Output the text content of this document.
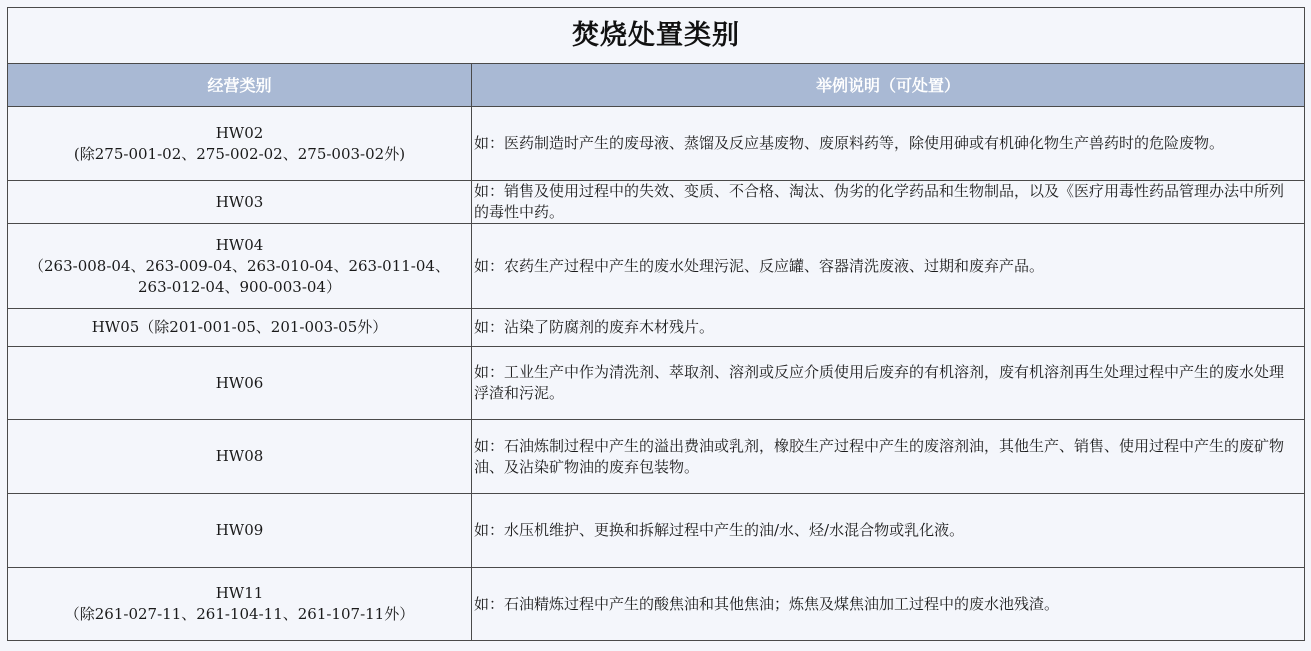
焚烧处置类别	
经营类别	举例说明（可处置）

HW02
(除275-001-02、275-002-02、275-003-02外)	如：医药制造时产生的废母液、蒸馏及反应基废物、废原料药等，除使用砷或有机砷化物生产兽药时的危险废物。

HW03	如：销售及使用过程中的失效、变质、不合格、淘汰、伪劣的化学药品和生物制品，以及《医疗用毒性药品管理办法中所列的毒性中药。

HW04
（263-008-04、263-009-04、263-010-04、263-011-04、
263-012-04、900-003-04）	如：农药生产过程中产生的废水处理污泥、反应罐、容器清洗废液、过期和废弃产品。

HW05（除201-001-05、201-003-05外）	如：沾染了防腐剂的废弃木材残片。

HW06	如：工业生产中作为清洗剂、萃取剂、溶剂或反应介质使用后废弃的有机溶剂，废有机溶剂再生处理过程中产生的废水处理浮渣和污泥。

HW08	如：石油炼制过程中产生的溢出费油或乳剂，橡胶生产过程中产生的废溶剂油，其他生产、销售、使用过程中产生的废矿物油、及沾染矿物油的废弃包装物。

HW09	如：水压机维护、更换和拆解过程中产生的油/水、烃/水混合物或乳化液。

HW11
（除261-027-11、261-104-11、261-107-11外）	如：石油精炼过程中产生的酸焦油和其他焦油；炼焦及煤焦油加工过程中的废水池残渣。
